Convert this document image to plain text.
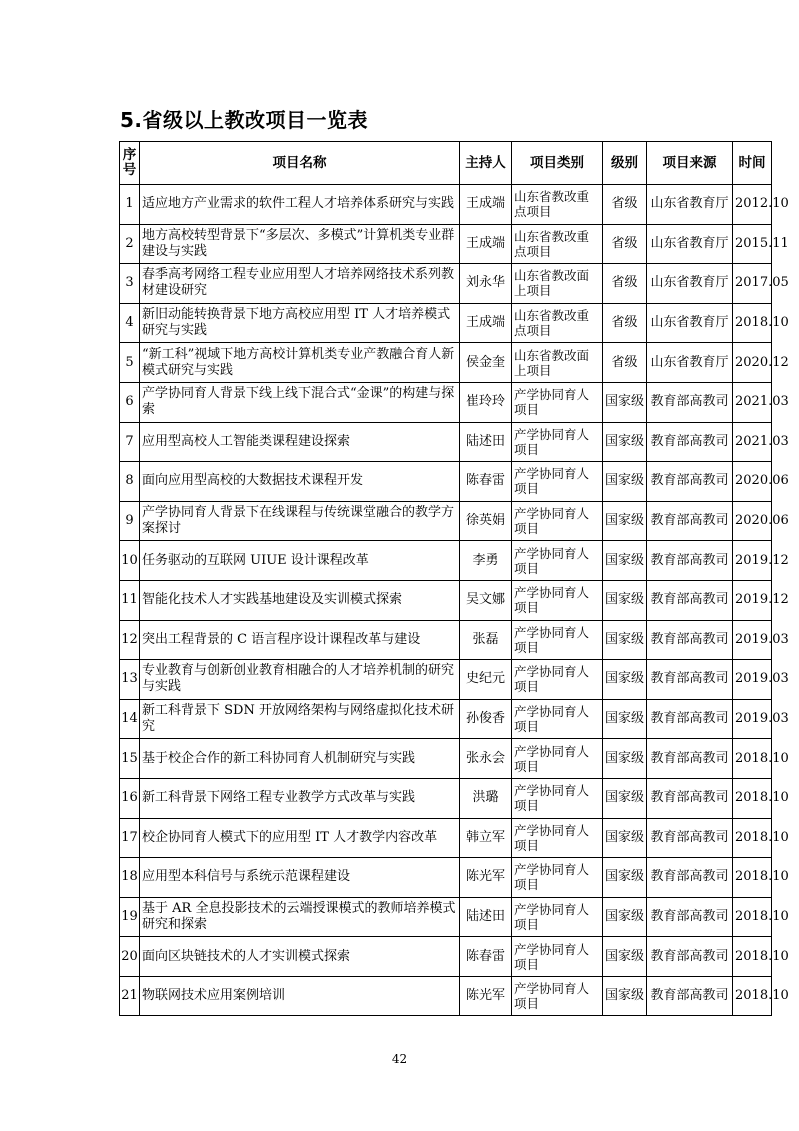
5.省级以上教改项目一览表
序号	项目名称	主持人	项目类别	级别	项目来源	时间
1	适应地方产业需求的软件工程人才培养体系研究与实践	王成端	山东省教改重点项目	省级	山东省教育厅	2012.10
2	地方高校转型背景下“多层次、多模式”计算机类专业群建设与实践	王成端	山东省教改重点项目	省级	山东省教育厅	2015.11
3	春季高考网络工程专业应用型人才培养网络技术系列教材建设研究	刘永华	山东省教改面上项目	省级	山东省教育厅	2017.05
4	新旧动能转换背景下地方高校应用型 IT 人才培养模式研究与实践	王成端	山东省教改重点项目	省级	山东省教育厅	2018.10
5	“新工科”视域下地方高校计算机类专业产教融合育人新模式研究与实践	侯金奎	山东省教改面上项目	省级	山东省教育厅	2020.12
6	产学协同育人背景下线上线下混合式“金课”的构建与探索	崔玲玲	产学协同育人项目	国家级	教育部高教司	2021.03
7	应用型高校人工智能类课程建设探索	陆述田	产学协同育人项目	国家级	教育部高教司	2021.03
8	面向应用型高校的大数据技术课程开发	陈春雷	产学协同育人项目	国家级	教育部高教司	2020.06
9	产学协同育人背景下在线课程与传统课堂融合的教学方案探讨	徐英娟	产学协同育人项目	国家级	教育部高教司	2020.06
10	任务驱动的互联网 UIUE 设计课程改革	李勇	产学协同育人项目	国家级	教育部高教司	2019.12
11	智能化技术人才实践基地建设及实训模式探索	吴文娜	产学协同育人项目	国家级	教育部高教司	2019.12
12	突出工程背景的 C 语言程序设计课程改革与建设	张磊	产学协同育人项目	国家级	教育部高教司	2019.03
13	专业教育与创新创业教育相融合的人才培养机制的研究与实践	史纪元	产学协同育人项目	国家级	教育部高教司	2019.03
14	新工科背景下 SDN 开放网络架构与网络虚拟化技术研究	孙俊香	产学协同育人项目	国家级	教育部高教司	2019.03
15	基于校企合作的新工科协同育人机制研究与实践	张永会	产学协同育人项目	国家级	教育部高教司	2018.10
16	新工科背景下网络工程专业教学方式改革与实践	洪璐	产学协同育人项目	国家级	教育部高教司	2018.10
17	校企协同育人模式下的应用型 IT 人才教学内容改革	韩立军	产学协同育人项目	国家级	教育部高教司	2018.10
18	应用型本科信号与系统示范课程建设	陈光军	产学协同育人项目	国家级	教育部高教司	2018.10
19	基于 AR 全息投影技术的云端授课模式的教师培养模式研究和探索	陆述田	产学协同育人项目	国家级	教育部高教司	2018.10
20	面向区块链技术的人才实训模式探索	陈春雷	产学协同育人项目	国家级	教育部高教司	2018.10
21	物联网技术应用案例培训	陈光军	产学协同育人项目	国家级	教育部高教司	2018.10
42
